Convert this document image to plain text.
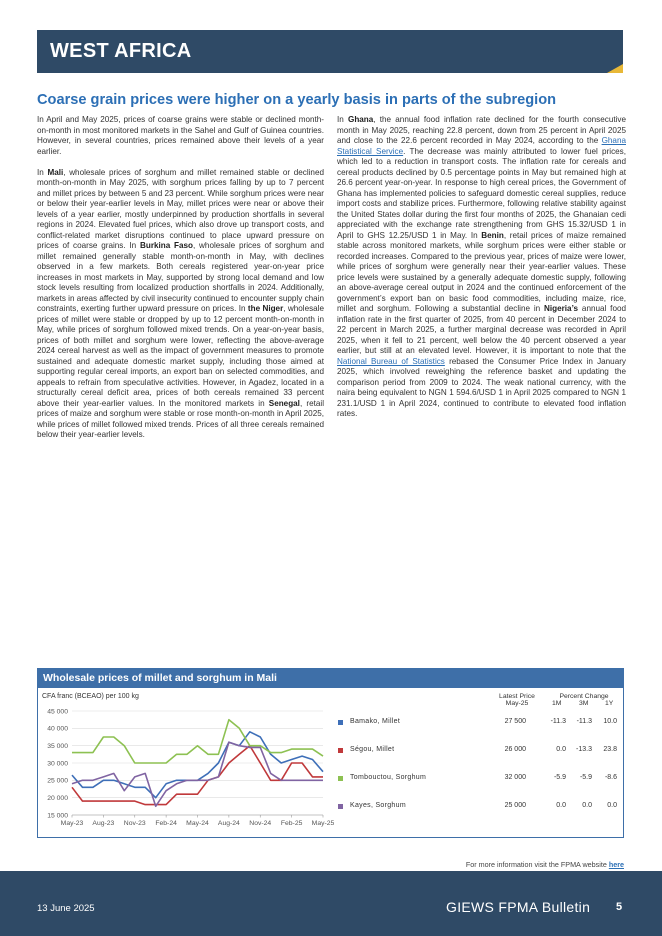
WEST AFRICA
Coarse grain prices were higher on a yearly basis in parts of the subregion

In April and May 2025, prices of coarse grains were stable or declined month-on-month in most monitored markets in the Sahel and Gulf of Guinea countries. However, in several countries, prices remained above their levels of a year earlier.

In Mali, wholesale prices of sorghum and millet remained stable or declined month-on-month in May 2025, with sorghum prices falling by up to 7 percent and millet prices by between 5 and 23 percent. While sorghum prices were near or below their year-earlier levels in May, millet prices were near or above their levels of a year earlier, mostly underpinned by production shortfalls in several regions in 2024. Elevated fuel prices, which also drove up transport costs, and conflict-related market disruptions continued to place upward pressure on prices of coarse grains. In Burkina Faso, wholesale prices of sorghum and millet remained generally stable month-on-month in May, with declines observed in a few markets. Both cereals registered year-on-year price increases in most markets in May, supported by strong local demand and low stock levels resulting from localized production shortfalls in 2024. Additionally, markets in areas affected by civil insecurity continued to encounter supply chain constraints, exerting further upward pressure on prices. In the Niger, wholesale prices of millet were stable or dropped by up to 12 percent month-on-month in May, while prices of sorghum followed mixed trends. On a year-on-year basis, prices of both millet and sorghum were lower, reflecting the above-average 2024 cereal harvest as well as the impact of government measures to promote sustained and adequate domestic market supply, including those aimed at supporting regular cereal imports, an export ban on selected commodities, and appeals to refrain from speculative activities. However, in Agadez, located in a structurally cereal deficit area, prices of both cereals remained 33 percent above their year-earlier values. In the monitored markets in Senegal, retail prices of maize and sorghum were stable or rose month-on-month in April 2025, while prices of millet followed mixed trends. Prices of all three cereals remained below their year-earlier levels.

In Ghana, the annual food inflation rate declined for the fourth consecutive month in May 2025, reaching 22.8 percent, down from 25 percent in April 2025 and close to the 22.6 percent recorded in May 2024, according to the Ghana Statistical Service. The decrease was mainly attributed to lower fuel prices, which led to a reduction in transport costs. The inflation rate for cereals and cereal products declined by 0.5 percentage points in May but remained high at 26.6 percent year-on-year. In response to high cereal prices, the Government of Ghana has implemented policies to safeguard domestic cereal supplies, reduce import costs and stabilize prices. Furthermore, following relative stability against the United States dollar during the first four months of 2025, the Ghanaian cedi appreciated with the exchange rate strengthening from GHS 15.32/USD 1 in April to GHS 12.25/USD 1 in May. In Benin, retail prices of maize remained stable across monitored markets, while sorghum prices were either stable or recorded increases. Compared to the previous year, prices of maize were lower, while prices of sorghum were generally near their year-earlier values. These price levels were sustained by a generally adequate domestic supply, following an above-average cereal output in 2024 and the continued enforcement of the government’s export ban on basic food commodities, including maize, rice, millet and sorghum. Following a substantial decline in Nigeria’s annual food inflation rate in the first quarter of 2025, from 40 percent in December 2024 to 22 percent in March 2025, a further marginal decrease was recorded in April 2025, when it fell to 21 percent, well below the 40 percent observed a year earlier, but still at an elevated level. However, it is important to note that the National Bureau of Statistics rebased the Consumer Price Index in January 2025, which involved reweighing the reference basket and updating the comparison period from 2009 to 2024. The weak national currency, with the naira being equivalent to NGN 1 594.6/USD 1 in April 2025 compared to NGN 1 231.1/USD 1 in April 2024, continued to contribute to elevated food inflation rates.

Wholesale prices of millet and sorghum in Mali
CFA franc (BCEAO) per 100 kg
15 000
20 000
25 000
30 000
35 000
40 000
45 000
May-23 Aug-23 Nov-23 Feb-24 May-24 Aug-24 Nov-24 Feb-25 May-25
Latest Price
May-25
Percent Change
1M	3M 1Y
Bamako, Millet	27 500	-11.3	-11.3	10.0
Ségou, Millet	26 000	0.0	-13.3	23.8
Tombouctou, Sorghum	32 000	-5.9	-5.9	-8.6
Kayes, Sorghum	25 000	0.0	0.0	0.0
For more information visit the FPMA website here
13 June 2025	GIEWS FPMA Bulletin 5
